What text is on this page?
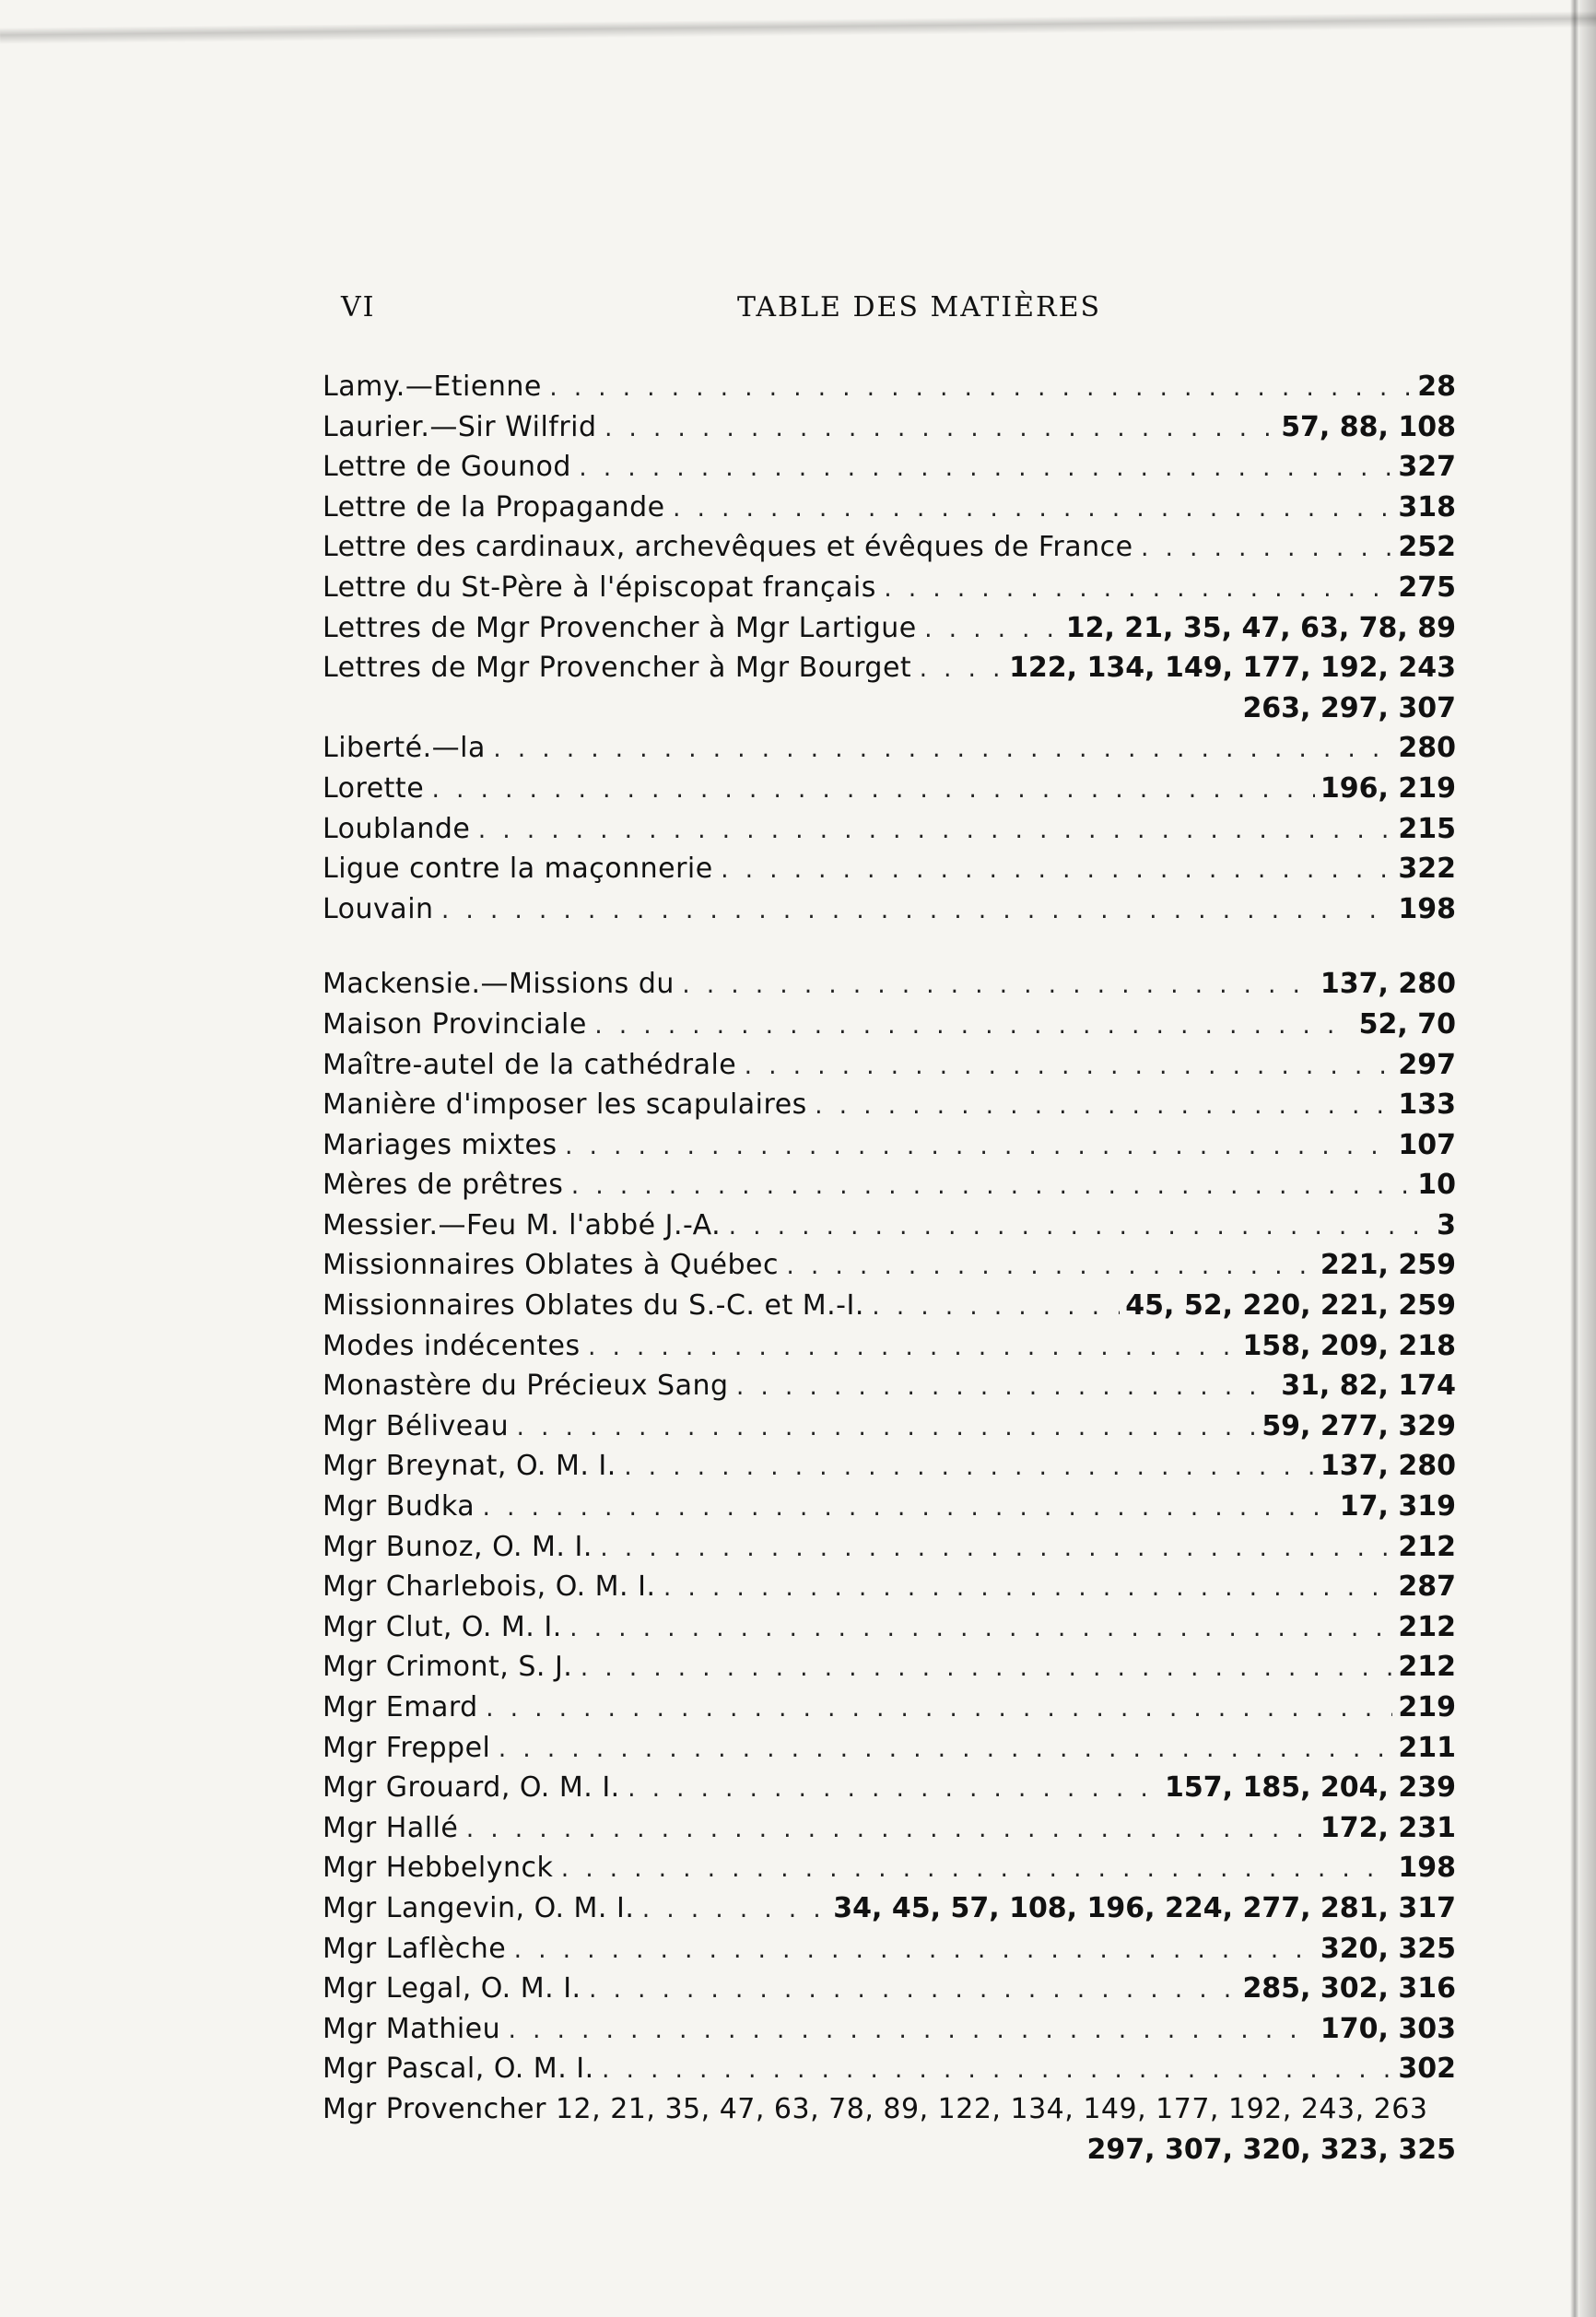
VI	TABLE DES MATIÈRES
Lamy.—Etienne . . .	28
Laurier.—Sir Wilfrid . . .	57, 88, 108
Lettre de Gounod . . .	327
Lettre de la Propagande . . .	318
Lettre des cardinaux, archevêques et évêques de France . . .	252
Lettre du St-Père à l'épiscopat français . . .	275
Lettres de Mgr Provencher à Mgr Lartigue . . .	12, 21, 35, 47, 63, 78, 89
Lettres de Mgr Provencher à Mgr Bourget . . .	122, 134, 149, 177, 192, 243
263, 297, 307
Liberté.—la . . .	280
Lorette . . .	196, 219
Loublande . . .	215
Ligue contre la maçonnerie . . .	322
Louvain . . .	198
Mackensie.—Missions du . . .	137, 280
Maison Provinciale . . .	52, 70
Maître-autel de la cathédrale . . .	297
Manière d'imposer les scapulaires . . .	133
Mariages mixtes . . .	107
Mères de prêtres . . .	10
Messier.—Feu M. l'abbé J.-A. . . .	3
Missionnaires Oblates à Québec . . .	221, 259
Missionnaires Oblates du S.-C. et M.-I. . . .	45, 52, 220, 221, 259
Modes indécentes . . .	158, 209, 218
Monastère du Précieux Sang . . .	31, 82, 174
Mgr Béliveau . . .	59, 277, 329
Mgr Breynat, O. M. I. . . .	137, 280
Mgr Budka . . .	17, 319
Mgr Bunoz, O. M. I. . . .	212
Mgr Charlebois, O. M. I. . . .	287
Mgr Clut, O. M. I. . . .	212
Mgr Crimont, S. J. . . .	212
Mgr Emard . . .	219
Mgr Freppel . . .	211
Mgr Grouard, O. M. I. . . .	157, 185, 204, 239
Mgr Hallé . . .	172, 231
Mgr Hebbelynck . . .	198
Mgr Langevin, O. M. I. . . .	34, 45, 57, 108, 196, 224, 277, 281, 317
Mgr Laflèche . . .	320, 325
Mgr Legal, O. M. I. . . .	285, 302, 316
Mgr Mathieu . . .	170, 303
Mgr Pascal, O. M. I. . . .	302
Mgr Provencher 12, 21, 35, 47, 63, 78, 89, 122, 134, 149, 177, 192, 243, 263
297, 307, 320, 323, 325
